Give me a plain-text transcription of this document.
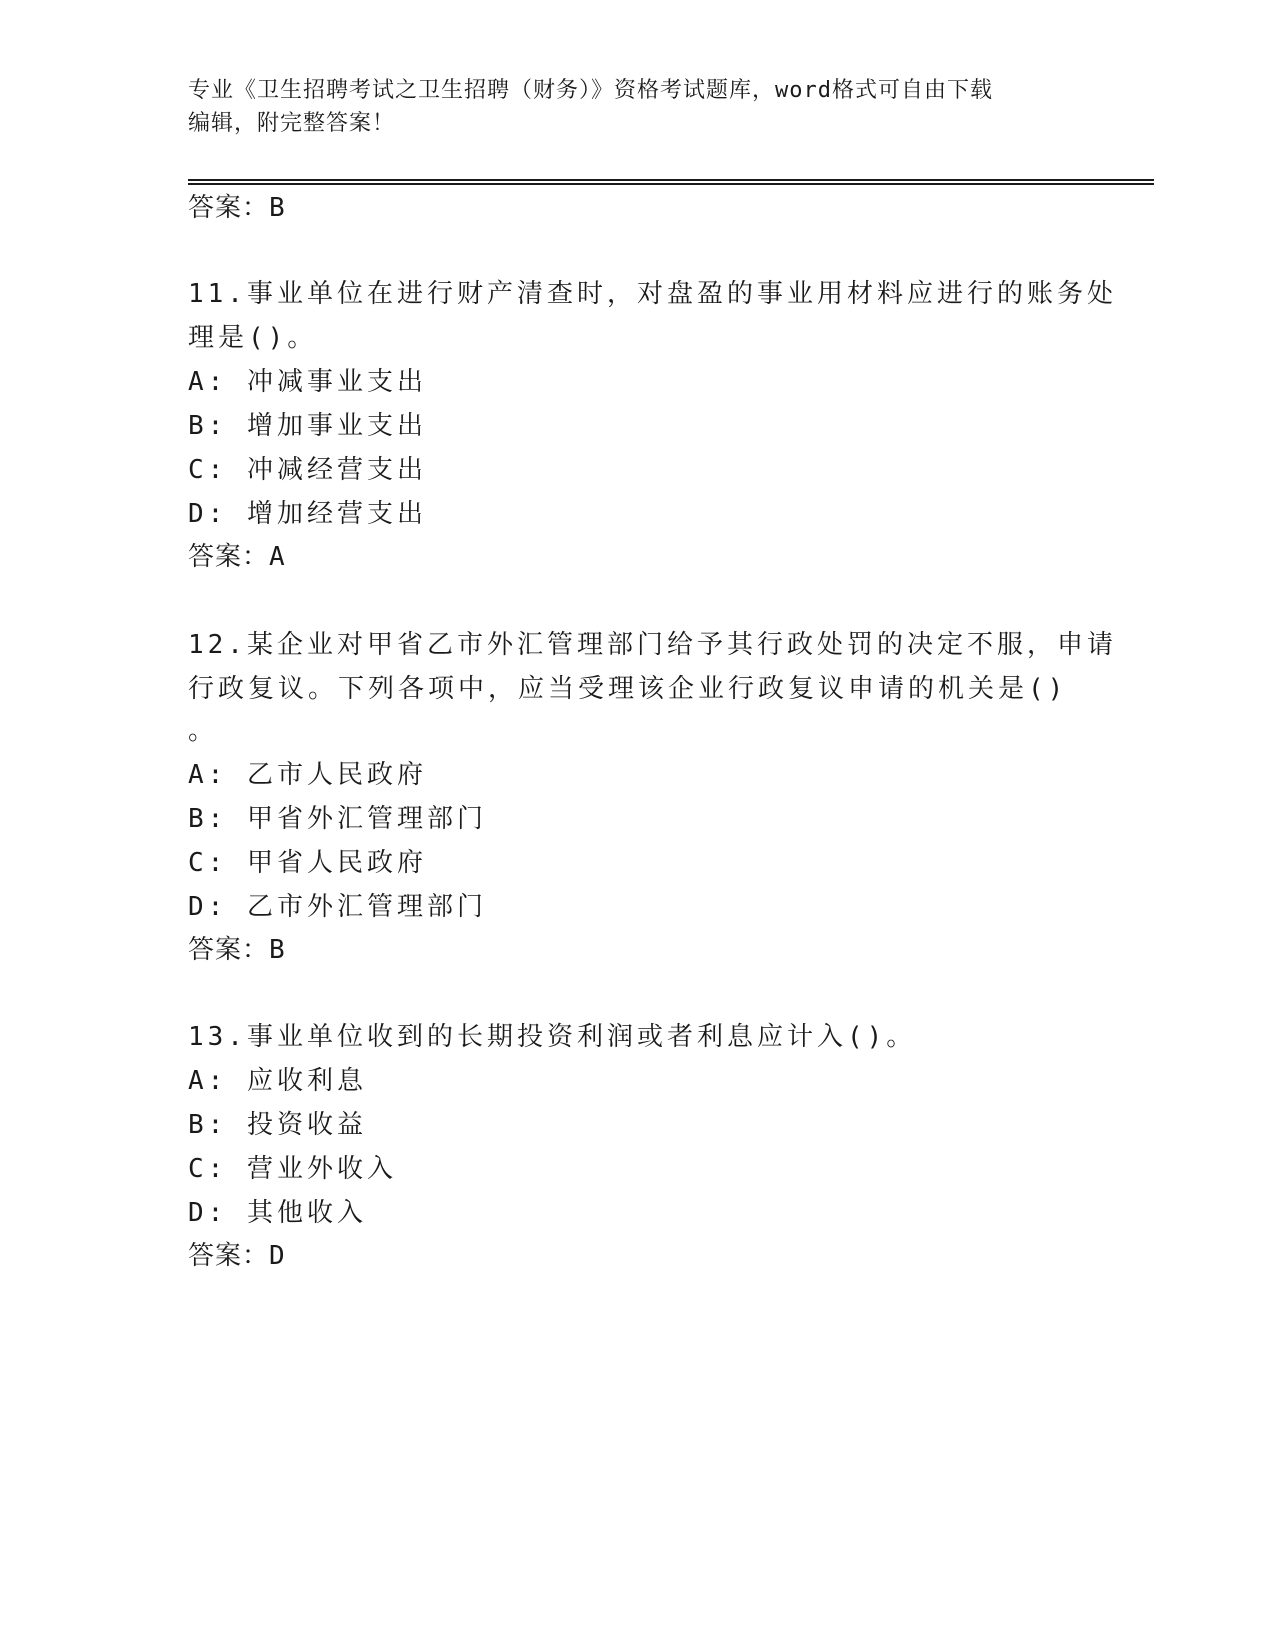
专业《卫生招聘考试之卫生招聘（财务）》资格考试题库，word格式可自由下载
编辑，附完整答案！
答案：B
11.事业单位在进行财产清查时，对盘盈的事业用材料应进行的账务处
理是()。
A: 冲减事业支出
B: 增加事业支出
C: 冲减经营支出
D: 增加经营支出
答案：A
12.某企业对甲省乙市外汇管理部门给予其行政处罚的决定不服，申请
行政复议。下列各项中，应当受理该企业行政复议申请的机关是()
。
A: 乙市人民政府
B: 甲省外汇管理部门
C: 甲省人民政府
D: 乙市外汇管理部门
答案：B
13.事业单位收到的长期投资利润或者利息应计入()。
A: 应收利息
B: 投资收益
C: 营业外收入
D: 其他收入
答案：D
